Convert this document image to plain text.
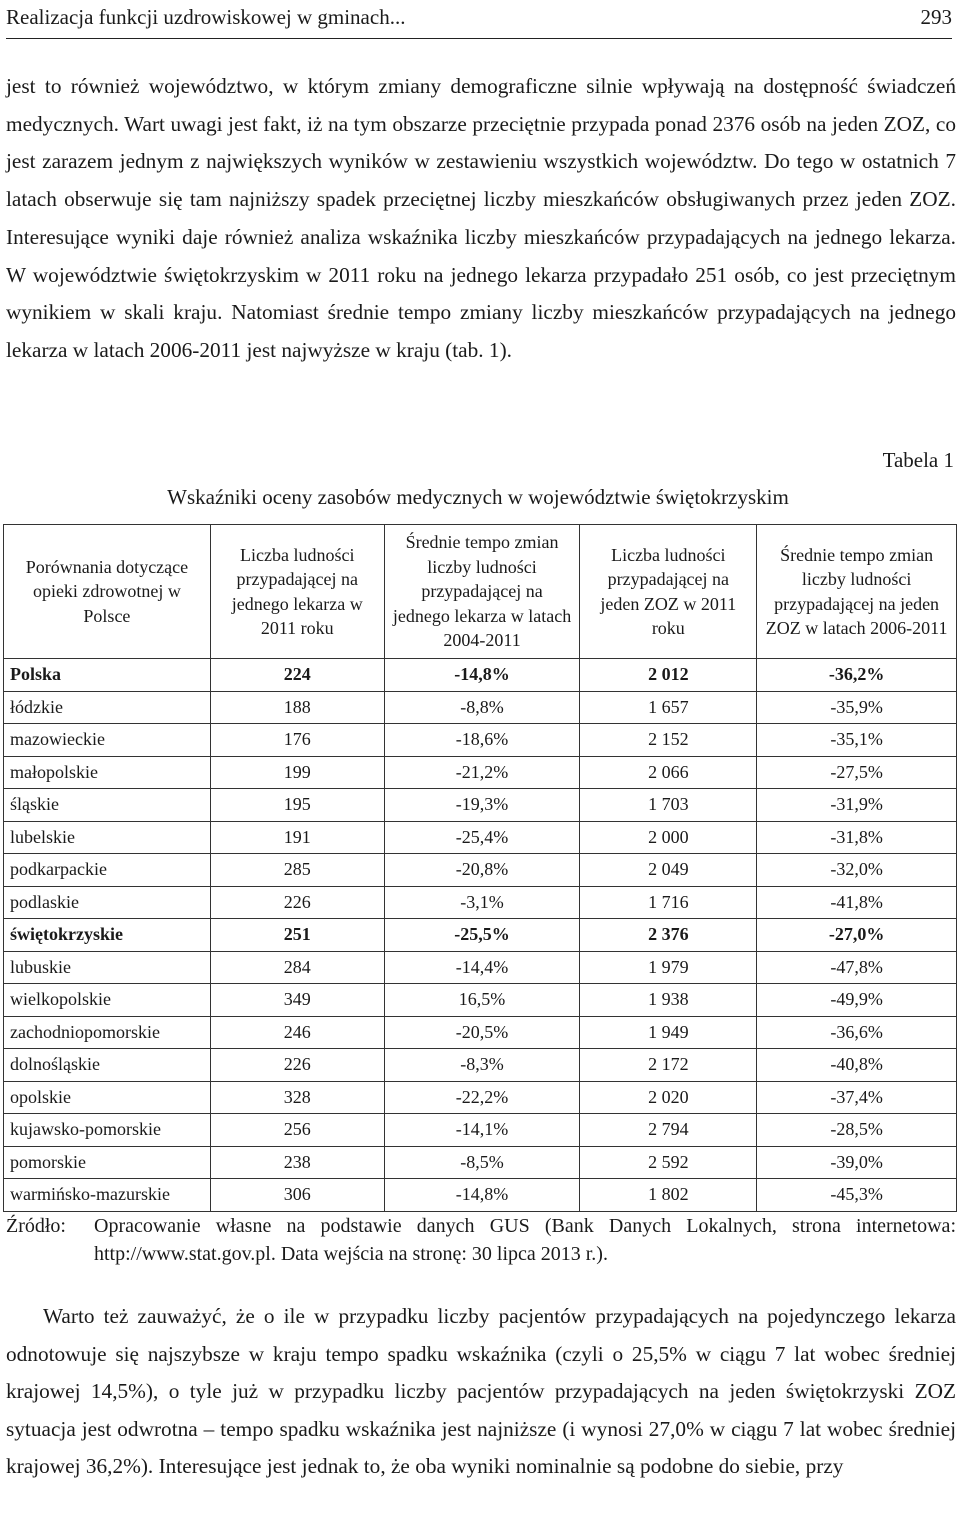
Realizacja funkcji uzdrowiskowej w gminach...	293
jest to również województwo, w którym zmiany demograficzne silnie wpływają na dostępność świadczeń medycznych. Wart uwagi jest fakt, iż na tym obszarze przeciętnie przypada ponad 2376 osób na jeden ZOZ, co jest zarazem jednym z największych wyników w zestawieniu wszystkich województw. Do tego w ostatnich 7 latach obserwuje się tam najniższy spadek przeciętnej liczby mieszkańców obsługiwanych przez jeden ZOZ. Interesujące wyniki daje również analiza wskaźnika liczby mieszkańców przypadających na jednego lekarza. W województwie świętokrzyskim w 2011 roku na jednego lekarza przypadało 251 osób, co jest przeciętnym wynikiem w skali kraju. Natomiast średnie tempo zmiany liczby mieszkańców przypadających na jednego lekarza w latach 2006-2011 jest najwyższe w kraju (tab. 1).
Tabela 1
Wskaźniki oceny zasobów medycznych w województwie świętokrzyskim
Porównania dotyczące opieki zdrowotnej w Polsce	Liczba ludności przypadającej na jednego lekarza w 2011 roku	Średnie tempo zmian liczby ludności przypadającej na jednego lekarza w latach 2004-2011	Liczba ludności przypadającej na jeden ZOZ w 2011 roku	Średnie tempo zmian liczby ludności przypadającej na jeden ZOZ w latach 2006-2011
Polska	224	-14,8%	2 012	-36,2%
łódzkie	188	-8,8%	1 657	-35,9%
mazowieckie	176	-18,6%	2 152	-35,1%
małopolskie	199	-21,2%	2 066	-27,5%
śląskie	195	-19,3%	1 703	-31,9%
lubelskie	191	-25,4%	2 000	-31,8%
podkarpackie	285	-20,8%	2 049	-32,0%
podlaskie	226	-3,1%	1 716	-41,8%
świętokrzyskie	251	-25,5%	2 376	-27,0%
lubuskie	284	-14,4%	1 979	-47,8%
wielkopolskie	349	16,5%	1 938	-49,9%
zachodniopomorskie	246	-20,5%	1 949	-36,6%
dolnośląskie	226	-8,3%	2 172	-40,8%
opolskie	328	-22,2%	2 020	-37,4%
kujawsko-pomorskie	256	-14,1%	2 794	-28,5%
pomorskie	238	-8,5%	2 592	-39,0%
warmińsko-mazurskie	306	-14,8%	1 802	-45,3%
Źródło: Opracowanie własne na podstawie danych GUS (Bank Danych Lokalnych, strona internetowa: http://www.stat.gov.pl. Data wejścia na stronę: 30 lipca 2013 r.).
Warto też zauważyć, że o ile w przypadku liczby pacjentów przypadających na pojedynczego lekarza odnotowuje się najszybsze w kraju tempo spadku wskaźnika (czyli o 25,5% w ciągu 7 lat wobec średniej krajowej 14,5%), o tyle już w przypadku liczby pacjentów przypadających na jeden świętokrzyski ZOZ sytuacja jest odwrotna – tempo spadku wskaźnika jest najniższe (i wynosi 27,0% w ciągu 7 lat wobec średniej krajowej 36,2%). Interesujące jest jednak to, że oba wyniki nominalnie są podobne do siebie, przy
